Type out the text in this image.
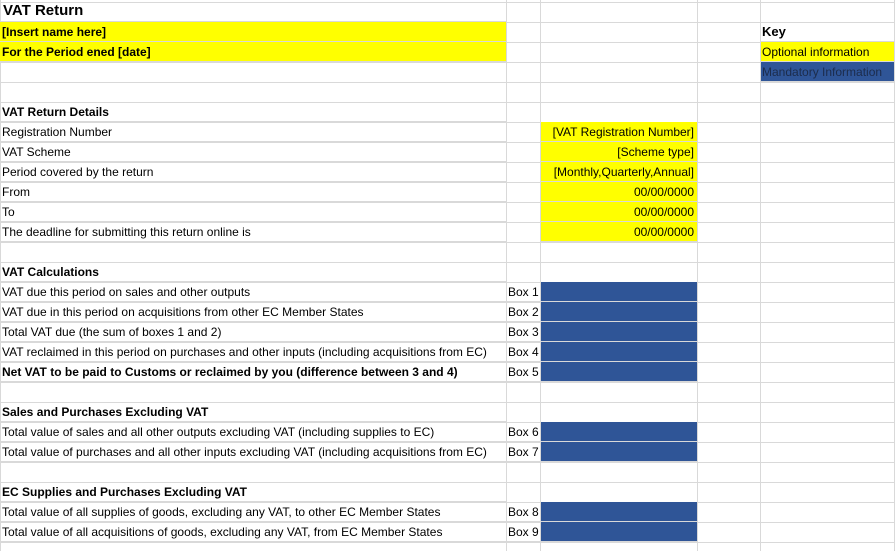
VAT Return
[Insert name here]	Key
For the Period ened [date]	Optional information
Mandatory Information
VAT Return Details
Registration Number	[VAT Registration Number]
VAT Scheme	[Scheme type]
Period covered by the return	[Monthly,Quarterly,Annual]
From	00/00/0000
To	00/00/0000
The deadline for submitting this return online is	00/00/0000
VAT Calculations
VAT due this period on sales and other outputs	Box 1
VAT due in this period on acquisitions from other EC Member States	Box 2
Total VAT due (the sum of boxes 1 and 2)	Box 3
VAT reclaimed in this period on purchases and other inputs (including acquisitions from EC)	Box 4
Net VAT to be paid to Customs or reclaimed by you (difference between 3 and 4)	Box 5
Sales and Purchases Excluding VAT
Total value of sales and all other outputs excluding VAT (including supplies to EC)	Box 6
Total value of purchases and all other inputs excluding VAT (including acquisitions from EC)	Box 7
EC Supplies and Purchases Excluding VAT
Total value of all supplies of goods, excluding any VAT, to other EC Member States	Box 8
Total value of all acquisitions of goods, excluding any VAT, from EC Member States	Box 9
